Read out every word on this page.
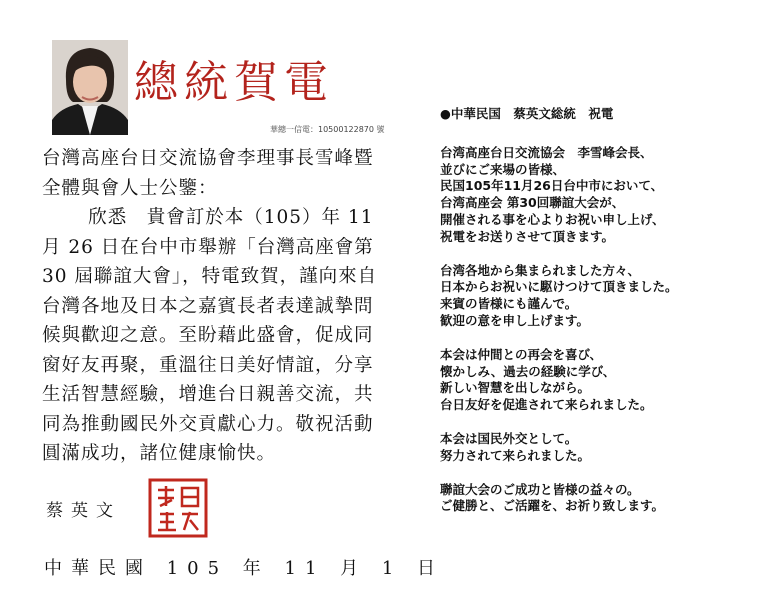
總統賀電
華總一信電：10500122870 號

台灣高座台日交流協會李理事長雪峰暨全體與會人士公鑒：

欣悉　貴會訂於本（105）年 11 月 26 日在台中市舉辦「台灣高座會第 30 屆聯誼大會」，特電致賀，謹向來自台灣各地及日本之嘉賓長者表達誠摯問候與歡迎之意。至盼藉此盛會，促成同窗好友再聚，重溫往日美好情誼，分享生活智慧經驗，增進台日親善交流，共同為推動國民外交貢獻心力。敬祝活動圓滿成功，諸位健康愉快。

蔡英文
中華民國 105 年 11 月 1 日
●中華民国　蔡英文総統　祝電
台湾高座台日交流協会　李雪峰会長、
並びにご来場の皆様、
民国105年11月26日台中市において、
台湾高座会 第30回聯誼大会が、
開催される事を心よりお祝い申し上げ、
祝電をお送りさせて頂きます。
台湾各地から集まられました方々、
日本からお祝いに駆けつけて頂きました。
来賓の皆様にも謹んで。
歓迎の意を申し上げます。
本会は仲間との再会を喜び、
懐かしみ、過去の経験に学び、
新しい智慧を出しながら。
台日友好を促進されて来られました。
本会は国民外交として。
努力されて来られました。
聯誼大会のご成功と皆様の益々の。
ご健勝と、ご活躍を、お祈り致します。
